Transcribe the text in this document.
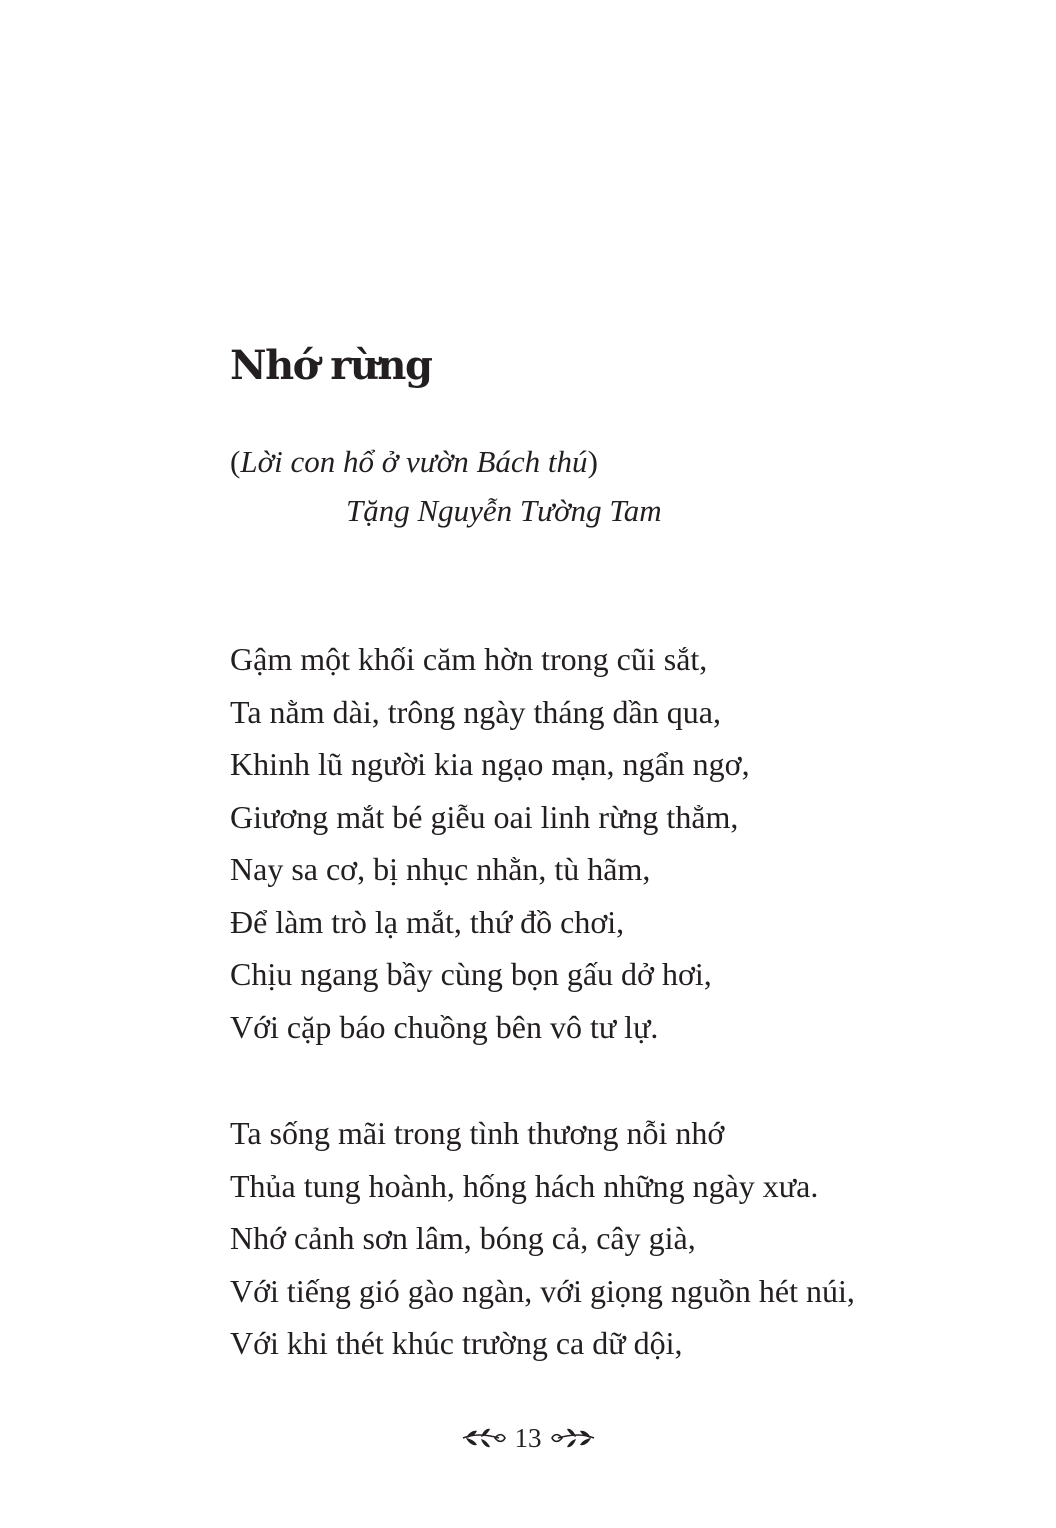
Nhớ rừng

(Lời con hổ ở vườn Bách thú)

Tặng Nguyễn Tường Tam

Gậm một khối căm hờn trong cũi sắt,
Ta nằm dài, trông ngày tháng dần qua,
Khinh lũ người kia ngạo mạn, ngẩn ngơ,
Giương mắt bé giễu oai linh rừng thẳm,
Nay sa cơ, bị nhục nhằn, tù hãm,
Để làm trò lạ mắt, thứ đồ chơi,
Chịu ngang bầy cùng bọn gấu dở hơi,
Với cặp báo chuồng bên vô tư lự.
Ta sống mãi trong tình thương nỗi nhớ
Thủa tung hoành, hống hách những ngày xưa.
Nhớ cảnh sơn lâm, bóng cả, cây già,
Với tiếng gió gào ngàn, với giọng nguồn hét núi,
Với khi thét khúc trường ca dữ dội,
13
